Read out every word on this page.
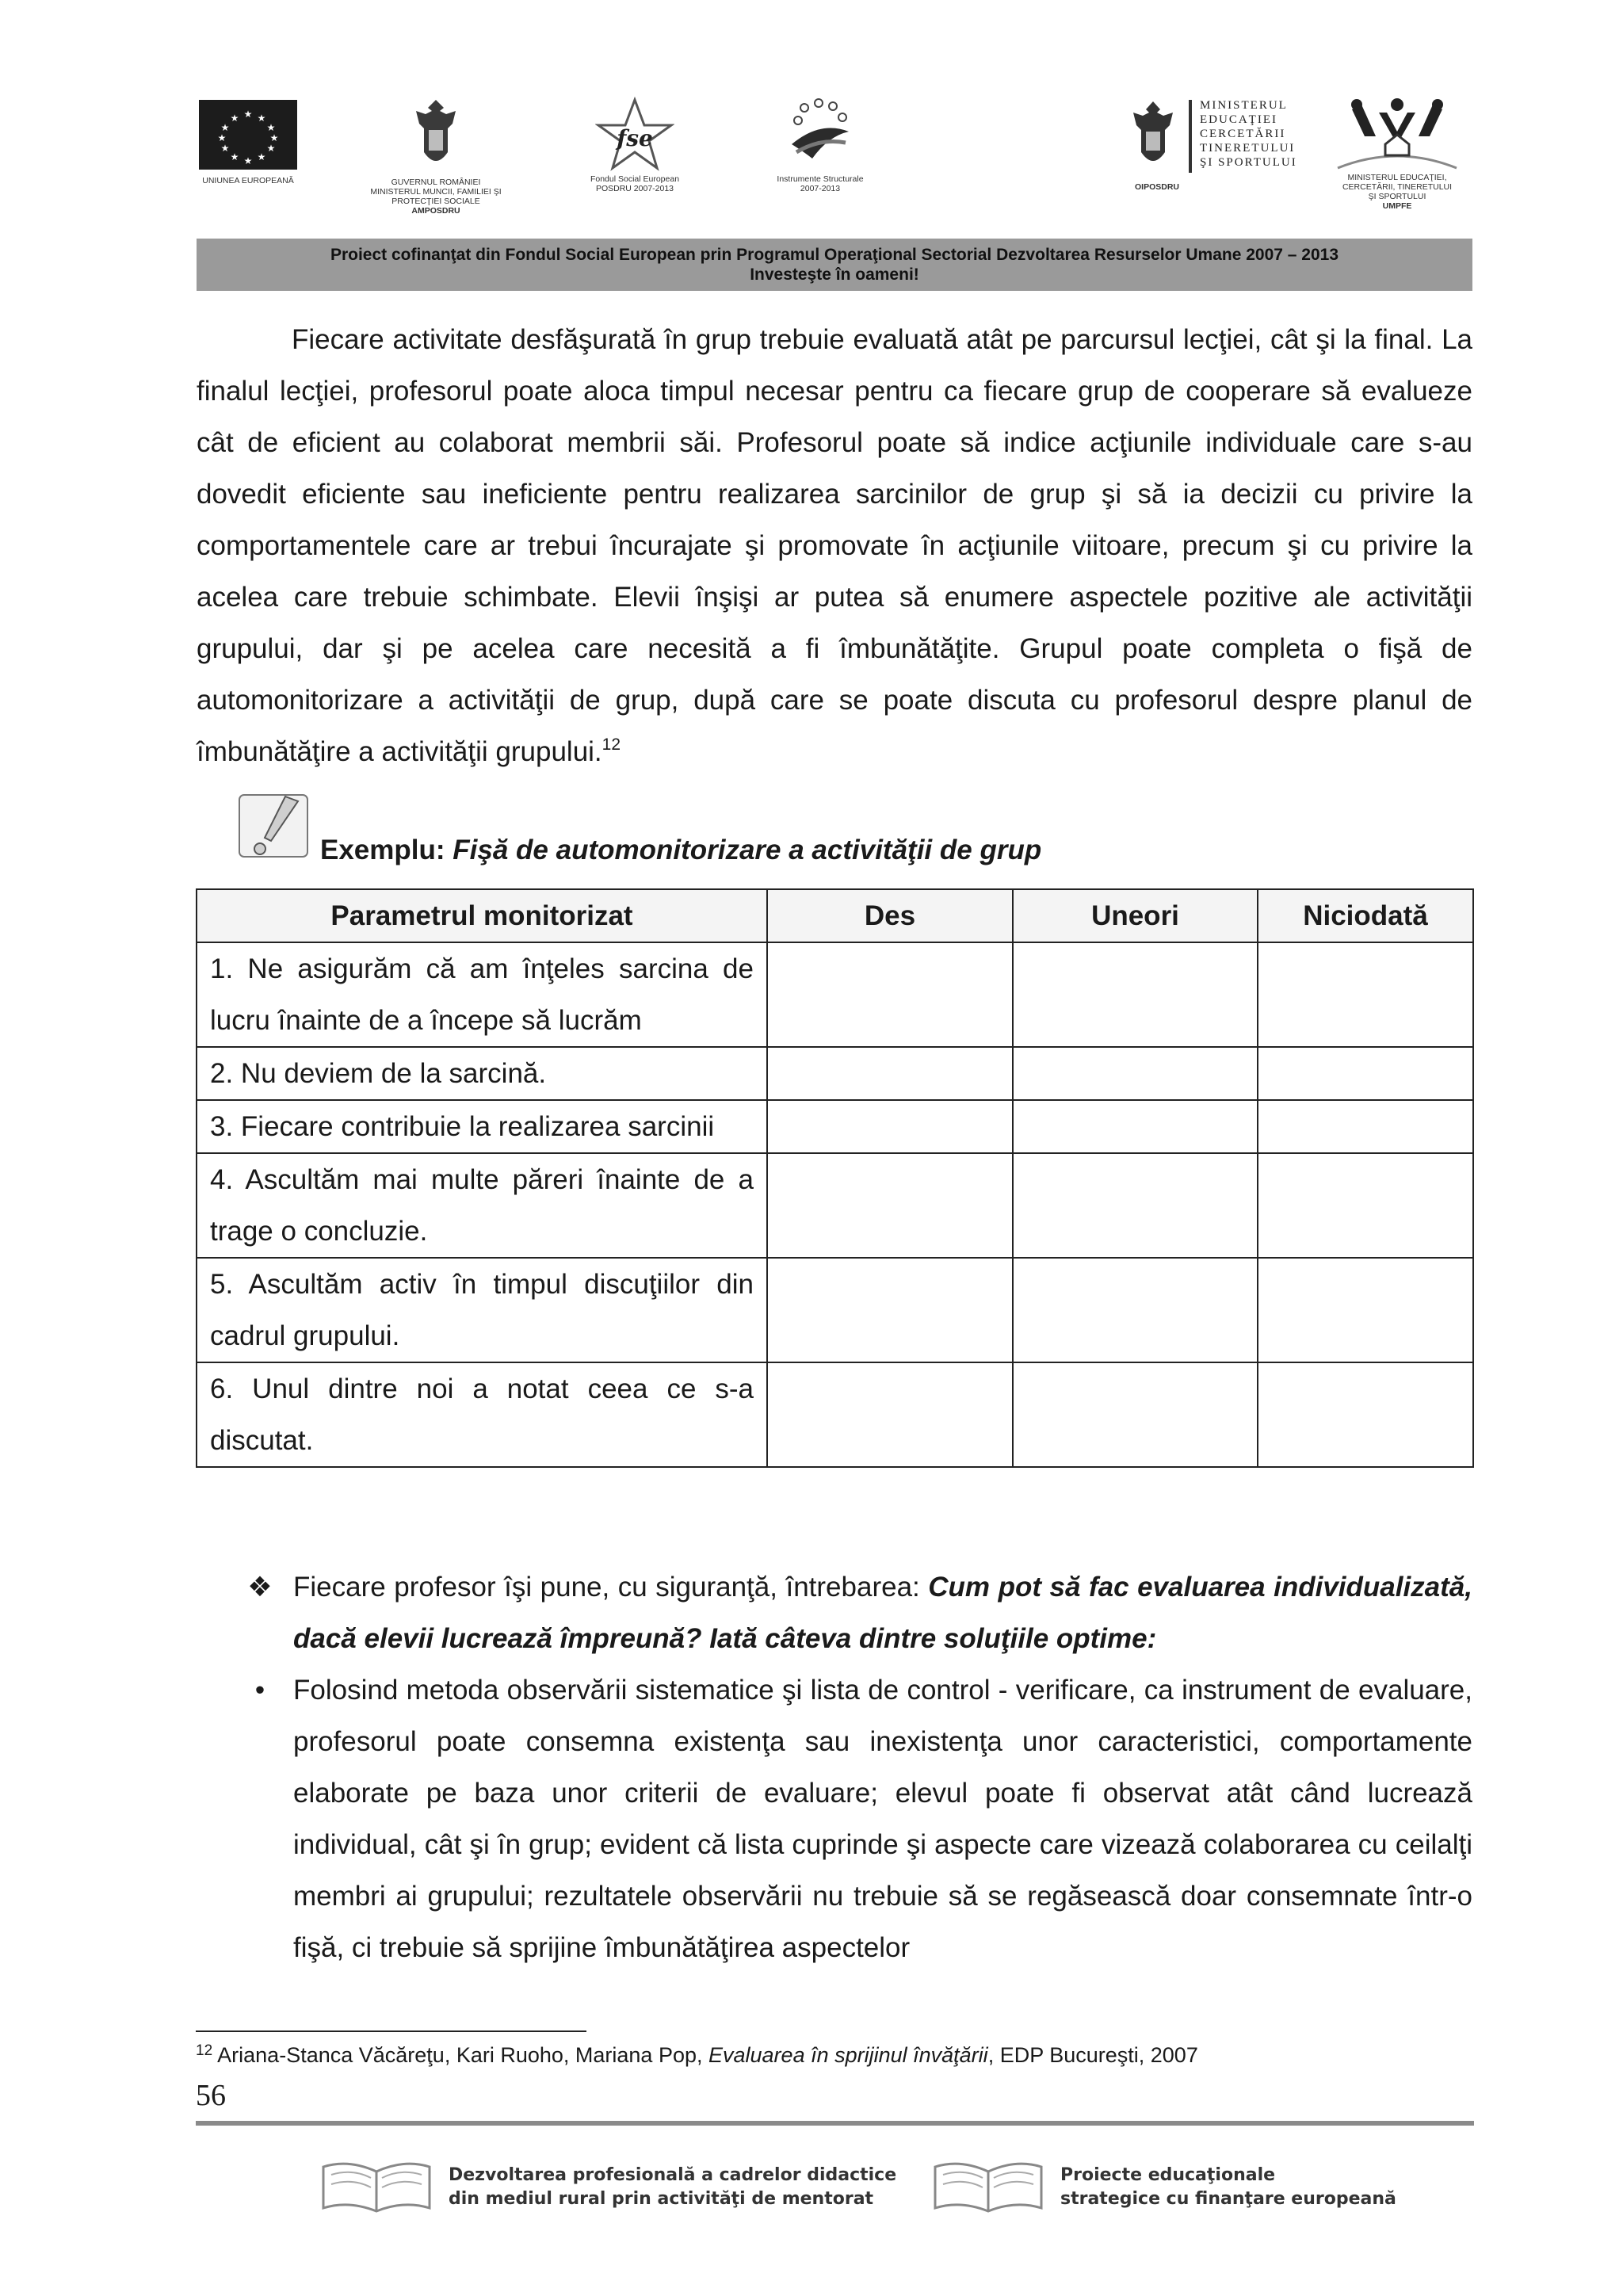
★ ★
★
★
★
★
★
★
★
★
★
★
UNIUNEA EUROPEANĂ	GUVERNUL ROMÂNIEI
MINISTERUL MUNCII, FAMILIEI ŞI
PROTECŢIEI SOCIALE
AMPOSDRU
fse
Fondul Social European
POSDRU 2007-2013
Instrumente Structurale
2007-2013
MINISTERUL
EDUCAŢIEI
CERCETĂRII
TINERETULUI
ŞI SPORTULUI
OIPOSDRU
MINISTERUL EDUCAŢIEI,
CERCETĂRII, TINERETULUI
ŞI SPORTULUI
UMPFE
Proiect cofinanţat din Fondul Social European prin Programul Operaţional Sectorial Dezvoltarea Resurselor Umane 2007 – 2013
Investeşte în oameni!

Fiecare activitate desfăşurată în grup trebuie evaluată atât pe parcursul lecţiei, cât şi la final. La finalul lecţiei, profesorul poate aloca timpul necesar pentru ca fiecare grup de cooperare să evalueze cât de eficient au colaborat membrii săi. Profesorul poate să indice acţiunile individuale care s-au dovedit eficiente sau ineficiente pentru realizarea sarcinilor de grup şi să ia decizii cu privire la comportamentele care ar trebui încurajate şi promovate în acţiunile viitoare, precum şi cu privire la acelea care trebuie schimbate. Elevii înşişi ar putea să enumere aspectele pozitive ale activităţii grupului, dar şi pe acelea care necesită a fi îmbunătăţite. Grupul poate completa o fişă de automonitorizare a activităţii de grup, după care se poate discuta cu profesorul despre planul de îmbunătăţire a activităţii grupului.$^{12}$

Exemplu: Fişă de automonitorizare a activităţii de grup
Parametrul monitorizat	Des	Uneori	Niciodată
1. Ne asigurăm că am înţeles sarcina de lucru înainte de a începe să lucrăm			
2. Nu deviem de la sarcină.			
3. Fiecare contribuie la realizarea sarcinii			
4. Ascultăm mai multe păreri înainte de a trage o concluzie.			
5. Ascultăm activ în timpul discuţiilor din cadrul grupului.			
6. Unul dintre noi a notat ceea ce s-a discutat.			
❖ Fiecare profesor îşi pune, cu siguranţă, întrebarea: Cum pot să fac evaluarea individualizată, dacă elevii lucrează împreună? Iată câteva dintre soluţiile optime:
•	Folosind metoda observării sistematice şi lista de control - verificare, ca instrument de evaluare, profesorul poate consemna existenţa sau inexistenţa unor caracteristici, comportamente elaborate pe baza unor criterii de evaluare; elevul poate fi observat atât când lucrează individual, cât şi în grup; evident că lista cuprinde şi aspecte care vizează colaborarea cu ceilalţi membri ai grupului; rezultatele observării nu trebuie să se regăsească doar consemnate într-o fişă, ci trebuie să sprijine îmbunătăţirea aspectelor
$^{12}$ Ariana-Stanca Văcăreţu, Kari Ruoho, Mariana Pop, Evaluarea în sprijinul învăţării, EDP Bucureşti, 2007
56
Dezvoltarea profesională a cadrelor didactice
din mediul rural prin activităţi de mentorat
Proiecte educaţionale
strategice cu finanţare europeană
